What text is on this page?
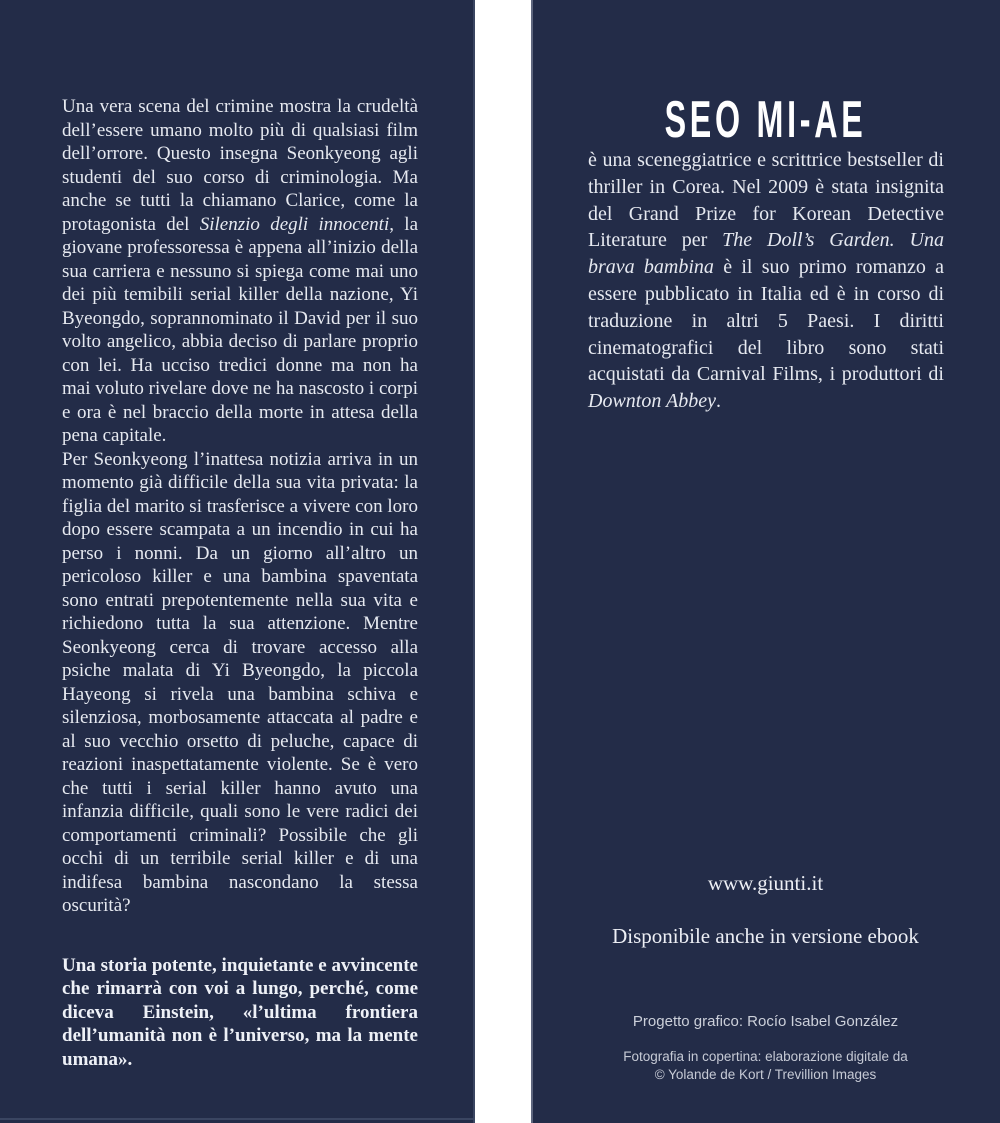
Una vera scena del crimine mostra la crudeltà dell’essere umano molto più di qualsiasi film dell’orrore. Questo insegna Seonkyeong agli studenti del suo corso di criminologia. Ma anche se tutti la chiamano Clarice, come la protagonista del Silenzio degli innocenti, la giovane professoressa è appena all’inizio della sua carriera e nessuno si spiega come mai uno dei più temibili serial killer della nazione, Yi Byeongdo, soprannominato il David per il suo volto angelico, abbia deciso di parlare proprio con lei. Ha ucciso tredici donne ma non ha mai voluto rivelare dove ne ha nascosto i corpi e ora è nel braccio della morte in attesa della pena capitale.

Per Seonkyeong l’inattesa notizia arriva in un momento già difficile della sua vita privata: la figlia del marito si trasferisce a vivere con loro dopo essere scampata a un incendio in cui ha perso i nonni. Da un giorno all’altro un pericoloso killer e una bambina spaventata sono entrati prepotentemente nella sua vita e richiedono tutta la sua attenzione. Mentre Seonkyeong cerca di trovare accesso alla psiche malata di Yi Byeongdo, la piccola Hayeong si rivela una bambina schiva e silenziosa, morbosamente attaccata al padre e al suo vecchio orsetto di peluche, capace di reazioni inaspettatamente violente. Se è vero che tutti i serial killer hanno avuto una infanzia difficile, quali sono le vere radici dei comportamenti criminali? Possibile che gli occhi di un terribile serial killer e di una indifesa bambina nascondano la stessa oscurità?

Una storia potente, inquietante e avvincente che rimarrà con voi a lungo, perché, come diceva Einstein, «l’ultima frontiera dell’umanità non è l’universo, ma la mente umana».

SEO MI-AE
è una sceneggiatrice e scrittrice bestseller di thriller in Corea. Nel 2009 è stata insignita del Grand Prize for Korean Detective Literature per The Doll’s Garden. Una brava bambina è il suo primo romanzo a essere pubblicato in Italia ed è in corso di traduzione in altri 5 Paesi. I diritti cinematografici del libro sono stati acquistati da Carnival Films, i produttori di Downton Abbey.
www.giunti.it
Disponibile anche in versione ebook
Progetto grafico: Rocío Isabel González
Fotografia in copertina: elaborazione digitale da
© Yolande de Kort / Trevillion Images
